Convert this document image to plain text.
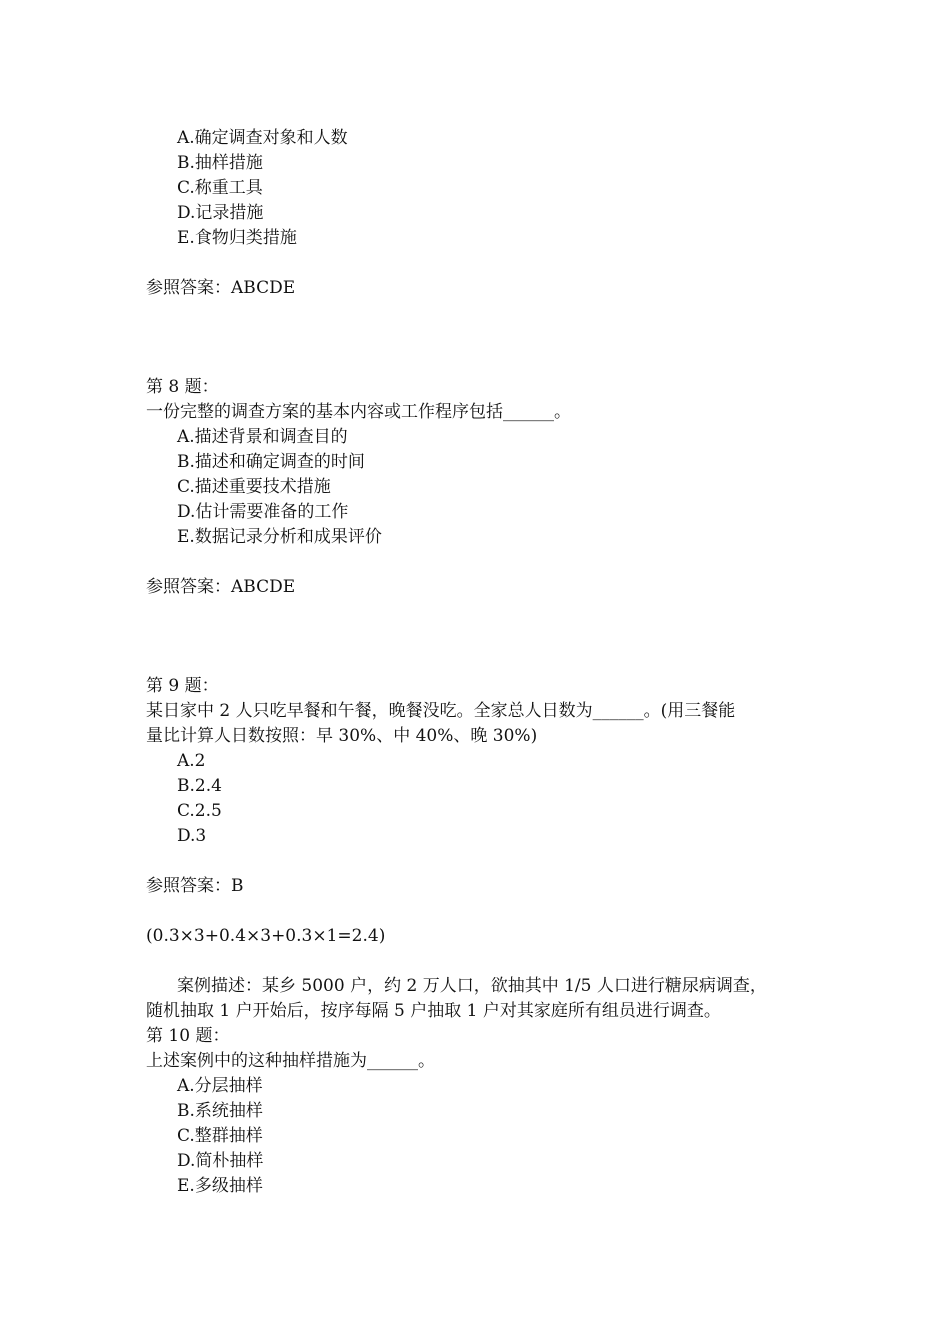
A.确定调查对象和人数
B.抽样措施
C.称重工具
D.记录措施
E.食物归类措施
参照答案：ABCDE
第 8 题：
一份完整的调查方案的基本内容或工作程序包括______。
A.描述背景和调查目的
B.描述和确定调查的时间
C.描述重要技术措施
D.估计需要准备的工作
E.数据记录分析和成果评价
参照答案：ABCDE
第 9 题：
某日家中 2 人只吃早餐和午餐，晚餐没吃。全家总人日数为______。(用三餐能
量比计算人日数按照：早 30%、中 40%、晚 30%)
A.2
B.2.4
C.2.5
D.3
参照答案：B
(0.3×3+0.4×3+0.3×1=2.4)
案例描述：某乡 5000 户，约 2 万人口，欲抽其中 1/5 人口进行糖尿病调查，
随机抽取 1 户开始后，按序每隔 5 户抽取 1 户对其家庭所有组员进行调查。
第 10 题：
上述案例中的这种抽样措施为______。
A.分层抽样
B.系统抽样
C.整群抽样
D.简朴抽样
E.多级抽样
